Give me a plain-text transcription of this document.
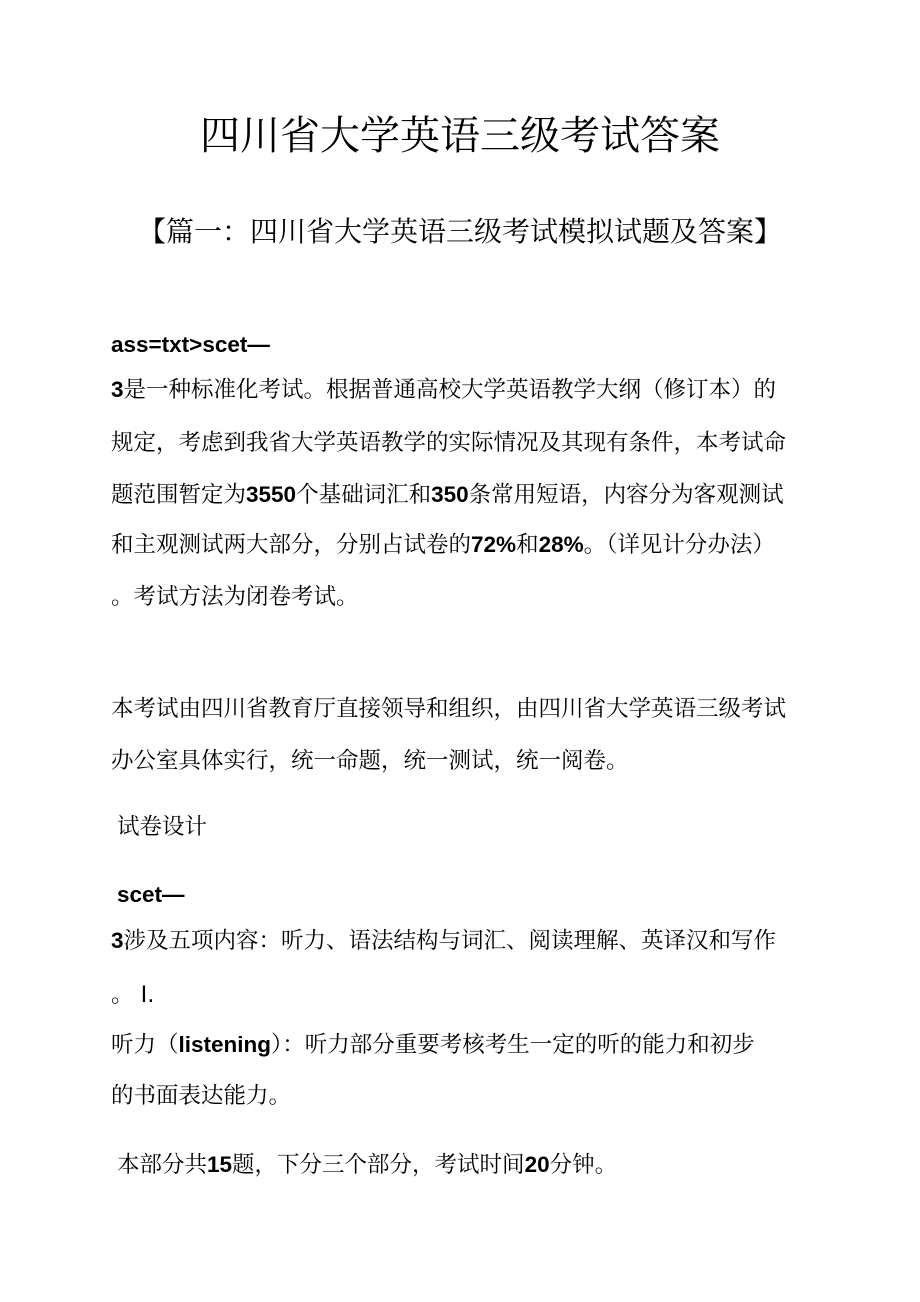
四川省大学英语三级考试答案
【篇一：四川省大学英语三级考试模拟试题及答案】

ass=txt>scet—

3是一种标准化考试。根据普通高校大学英语教学大纲（修订本）的

规定，考虑到我省大学英语教学的实际情况及其现有条件，本考试命

题范围暂定为3550个基础词汇和350条常用短语，内容分为客观测试

和主观测试两大部分，分别占试卷的72%和28%。（详见计分办法）

。考试方法为闭卷考试。

本考试由四川省教育厅直接领导和组织，由四川省大学英语三级考试

办公室具体实行，统一命题，统一测试，统一阅卷。

试卷设计

scet—

3涉及五项内容：听力、语法结构与词汇、阅读理解、英译汉和写作

。 Ⅰ.

听力（listening）：听力部分重要考核考生一定的听的能力和初步

的书面表达能力。

本部分共15题，下分三个部分，考试时间20分钟。
